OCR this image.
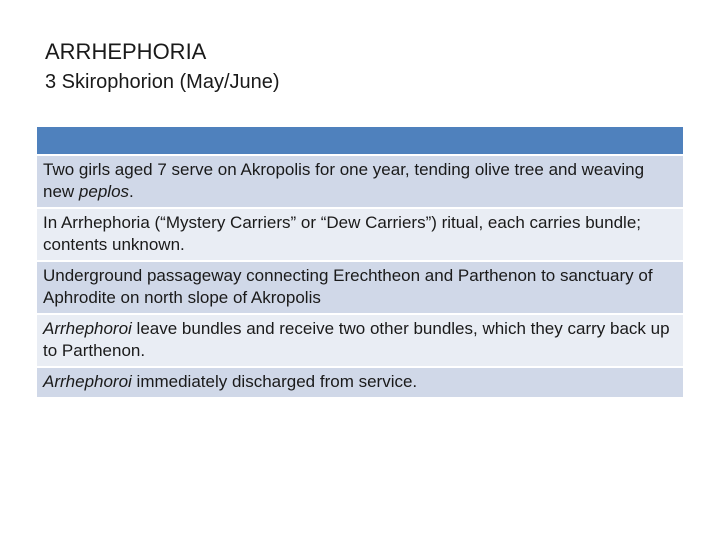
ARRHEPHORIA
3 Skirophorion (May/June)
Two girls aged 7 serve on Akropolis for one year, tending olive tree and weaving new peplos.
In Arrhephoria (“Mystery Carriers” or “Dew Carriers”) ritual, each carries bundle; contents unknown.
Underground passageway connecting Erechtheon and Parthenon to sanctuary of Aphrodite on north slope of Akropolis
Arrhephoroi leave bundles and receive two other bundles, which they carry back up to Parthenon.
Arrhephoroi immediately discharged from service.
